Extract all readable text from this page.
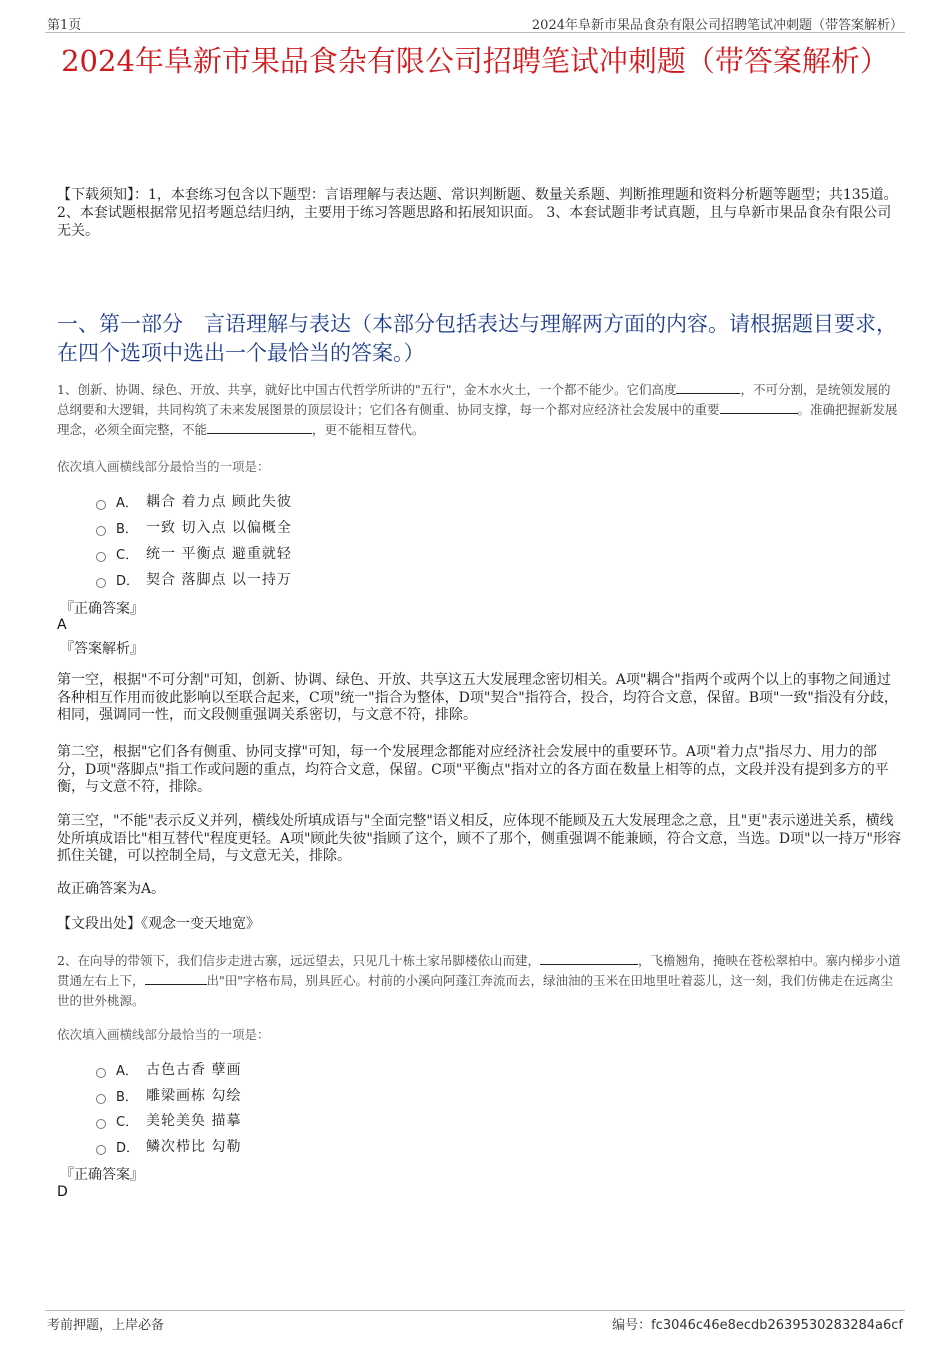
第1页	2024年阜新市果品食杂有限公司招聘笔试冲刺题（带答案解析）
2024年阜新市果品食杂有限公司招聘笔试冲刺题（带答案解析）
【下载须知】：1，本套练习包含以下题型：言语理解与表达题、常识判断题、数量关系题、判断推理题和资料分析题等题型；共135道。 2、本套试题根据常见招考题总结归纳，主要用于练习答题思路和拓展知识面。 3、本套试题非考试真题，且与阜新市果品食杂有限公司无关。
一、第一部分　言语理解与表达（本部分包括表达与理解两方面的内容。请根据题目要求，在四个选项中选出一个最恰当的答案。）
1、创新、协调、绿色、开放、共享，就好比中国古代哲学所讲的"五行"，金木水火土，一个都不能少。它们高度	，不可分割，是统领发展的总纲要和大逻辑，共同构筑了未来发展图景的顶层设计；它们各有侧重、协同支撑，每一个都对应经济社会发展中的重要	。准确把握新发展理念，必须全面完整，不能	，更不能相互替代。
依次填入画横线部分最恰当的一项是：
A． 耦合 着力点 顾此失彼
B． 一致 切入点 以偏概全
C． 统一 平衡点 避重就轻
D． 契合 落脚点 以一持万
『正确答案』
A
『答案解析』
第一空，根据"不可分割"可知，创新、协调、绿色、开放、共享这五大发展理念密切相关。A项"耦合"指两个或两个以上的事物之间通过各种相互作用而彼此影响以至联合起来，C项"统一"指合为整体，D项"契合"指符合，投合，均符合文意，保留。B项"一致"指没有分歧，相同，强调同一性，而文段侧重强调关系密切，与文意不符，排除。
第二空，根据"它们各有侧重、协同支撑"可知，每一个发展理念都能对应经济社会发展中的重要环节。A项"着力点"指尽力、用力的部分，D项"落脚点"指工作或问题的重点，均符合文意，保留。C项"平衡点"指对立的各方面在数量上相等的点，文段并没有提到多方的平衡，与文意不符，排除。
第三空，"不能"表示反义并列，横线处所填成语与"全面完整"语义相反，应体现不能顾及五大发展理念之意，且"更"表示递进关系，横线处所填成语比"相互替代"程度更轻。A项"顾此失彼"指顾了这个，顾不了那个，侧重强调不能兼顾，符合文意，当选。D项"以一持万"形容抓住关键，可以控制全局，与文意无关，排除。
故正确答案为A。
【文段出处】《观念一变天地宽》
2、在向导的带领下，我们信步走进古寨，远远望去，只见几十栋土家吊脚楼依山而建，	，飞檐翘角，掩映在苍松翠柏中。寨内梯步小道贯通左右上下，	出"田"字格布局，别具匠心。村前的小溪向阿蓬江奔流而去，绿油油的玉米在田地里吐着蕊儿，这一刻，我们仿佛走在远离尘世的世外桃源。
依次填入画横线部分最恰当的一项是：
A． 古色古香 孽画
B． 雕梁画栋 勾绘
C． 美轮美奂 描摹
D． 鳞次栉比 勾勒
『正确答案』
D
考前押题，上岸必备	编号：fc3046c46e8ecdb2639530283284a6cf
